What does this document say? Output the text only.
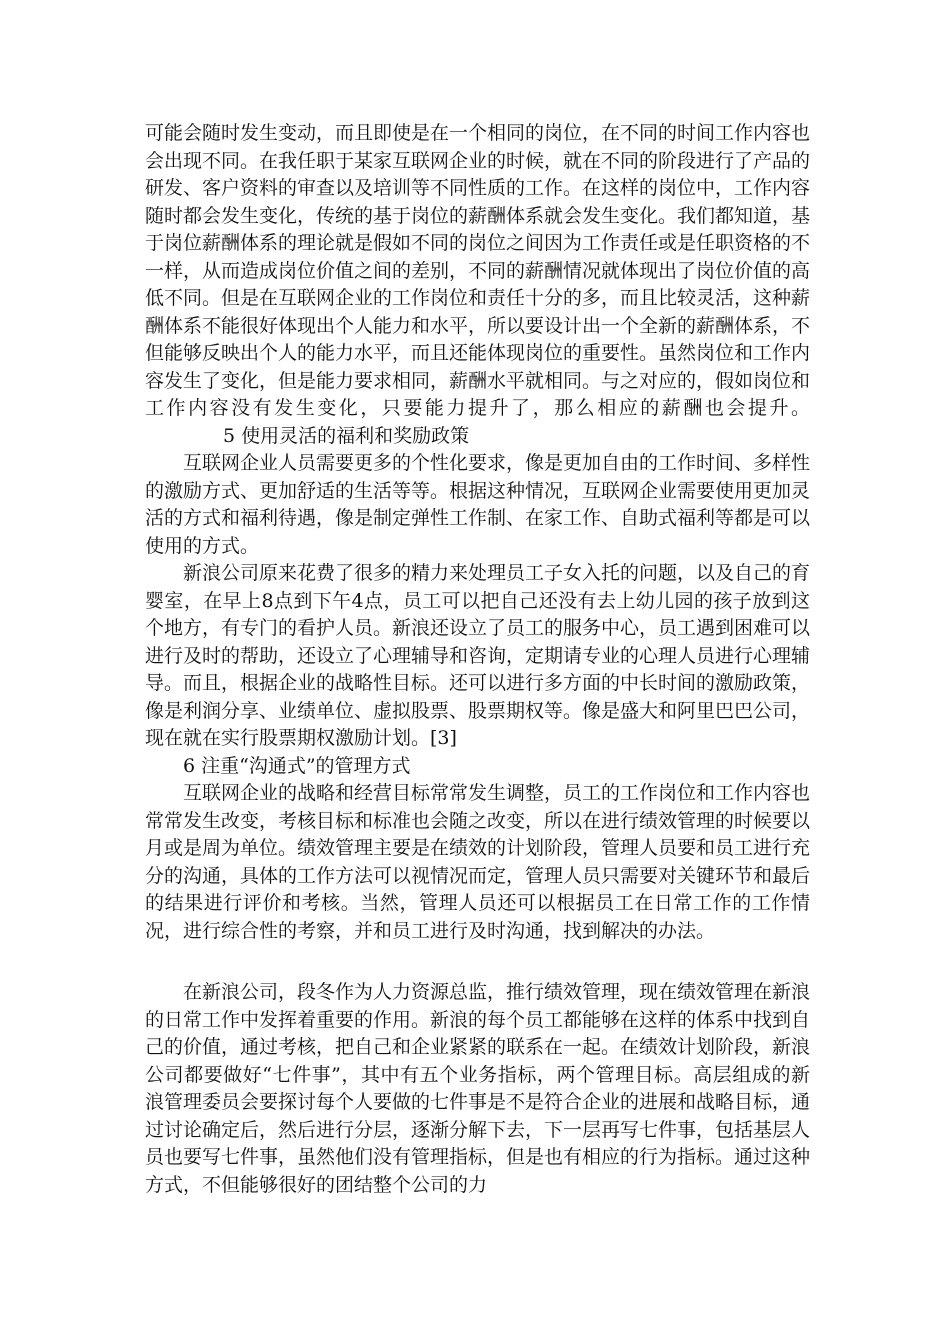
可能会随时发生变动，而且即使是在一个相同的岗位，在不同的时间工作内容也会出现不同。在我任职于某家互联网企业的时候，就在不同的阶段进行了产品的研发、客户资料的审查以及培训等不同性质的工作。在这样的岗位中，工作内容随时都会发生变化，传统的基于岗位的薪酬体系就会发生变化。我们都知道，基于岗位薪酬体系的理论就是假如不同的岗位之间因为工作责任或是任职资格的不一样，从而造成岗位价值之间的差别，不同的薪酬情况就体现出了岗位价值的高低不同。但是在互联网企业的工作岗位和责任十分的多，而且比较灵活，这种薪酬体系不能很好体现出个人能力和水平，所以要设计出一个全新的薪酬体系，不但能够反映出个人的能力水平，而且还能体现岗位的重要性。虽然岗位和工作内容发生了变化，但是能力要求相同，薪酬水平就相同。与之对应的，假如岗位和工作内容没有发生变化，只要能力提升了，那么相应的薪酬也会提升。5 使用灵活的福利和奖励政策

互联网企业人员需要更多的个性化要求，像是更加自由的工作时间、多样性的激励方式、更加舒适的生活等等。根据这种情况，互联网企业需要使用更加灵活的方式和福利待遇，像是制定弹性工作制、在家工作、自助式福利等都是可以使用的方式。

新浪公司原来花费了很多的精力来处理员工子女入托的问题，以及自己的育婴室，在早上8点到下午4点，员工可以把自己还没有去上幼儿园的孩子放到这个地方，有专门的看护人员。新浪还设立了员工的服务中心，员工遇到困难可以进行及时的帮助，还设立了心理辅导和咨询，定期请专业的心理人员进行心理辅导。而且，根据企业的战略性目标。还可以进行多方面的中长时间的激励政策，像是利润分享、业绩单位、虚拟股票、股票期权等。像是盛大和阿里巴巴公司，现在就在实行股票期权激励计划。[3]

6 注重“沟通式”的管理方式

互联网企业的战略和经营目标常常发生调整，员工的工作岗位和工作内容也常常发生改变，考核目标和标准也会随之改变，所以在进行绩效管理的时候要以月或是周为单位。绩效管理主要是在绩效的计划阶段，管理人员要和员工进行充分的沟通，具体的工作方法可以视情况而定，管理人员只需要对关键环节和最后的结果进行评价和考核。当然，管理人员还可以根据员工在日常工作的工作情况，进行综合性的考察，并和员工进行及时沟通，找到解决的办法。

在新浪公司，段冬作为人力资源总监，推行绩效管理，现在绩效管理在新浪的日常工作中发挥着重要的作用。新浪的每个员工都能够在这样的体系中找到自己的价值，通过考核，把自己和企业紧紧的联系在一起。在绩效计划阶段，新浪公司都要做好“七件事”，其中有五个业务指标，两个管理目标。高层组成的新浪管理委员会要探讨每个人要做的七件事是不是符合企业的进展和战略目标，通过讨论确定后，然后进行分层，逐渐分解下去，下一层再写七件事，包括基层人员也要写七件事，虽然他们没有管理指标，但是也有相应的行为指标。通过这种方式，不但能够很好的团结整个公司的力
